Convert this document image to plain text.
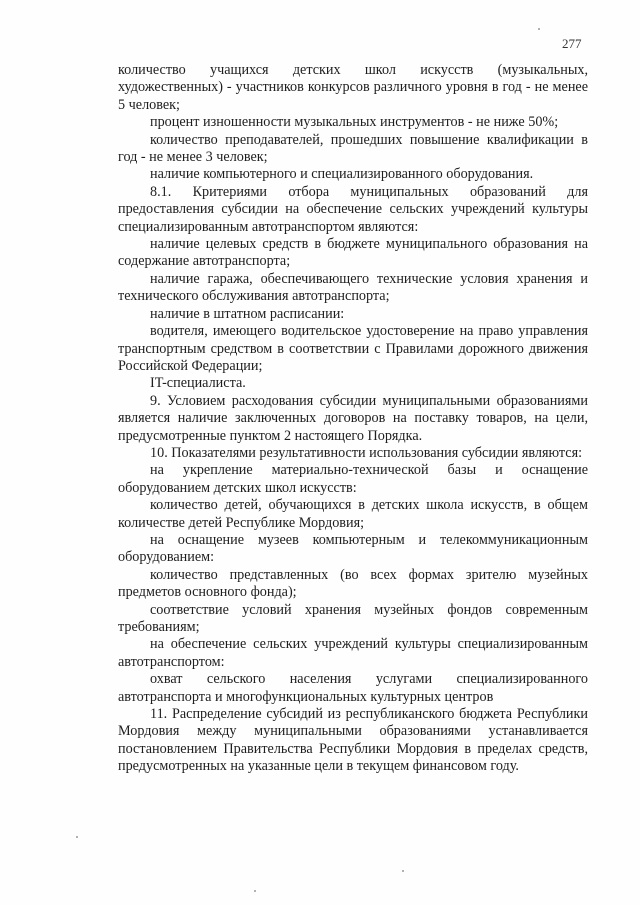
277

количество учащихся детских школ искусств (музыкальных, художественных) - участников конкурсов различного уровня в год - не менее 5 человек;

процент изношенности музыкальных инструментов - не ниже 50%;

количество преподавателей, прошедших повышение квалификации в год - не менее 3 человек;

наличие компьютерного и специализированного оборудования.

8.1. Критериями отбора муниципальных образований для предоставления субсидии на обеспечение сельских учреждений культуры специализированным автотранспортом являются:

наличие целевых средств в бюджете муниципального образования на содержание автотранспорта;

наличие гаража, обеспечивающего технические условия хранения и технического обслуживания автотранспорта;

наличие в штатном расписании:

водителя, имеющего водительское удостоверение на право управления транспортным средством в соответствии с Правилами дорожного движения Российской Федерации;

IT-специалиста.

9. Условием расходования субсидии муниципальными образованиями является наличие заключенных договоров на поставку товаров, на цели, предусмотренные пунктом 2 настоящего Порядка.

10. Показателями результативности использования субсидии являются:

на укрепление материально-технической базы и оснащение оборудованием детских школ искусств:

количество детей, обучающихся в детских школа искусств, в общем количестве детей Республике Мордовия;

на оснащение музеев компьютерным и телекоммуникационным оборудованием:

количество представленных (во всех формах зрителю музейных предметов основного фонда);

соответствие условий хранения музейных фондов современным требованиям;

на обеспечение сельских учреждений культуры специализированным автотранспортом:

охват сельского населения услугами специализированного автотранспорта и многофункциональных культурных центров

11. Распределение субсидий из республиканского бюджета Республики Мордовия между муниципальными образованиями устанавливается постановлением Правительства Республики Мордовия в пределах средств, предусмотренных на указанные цели в текущем финансовом году.
